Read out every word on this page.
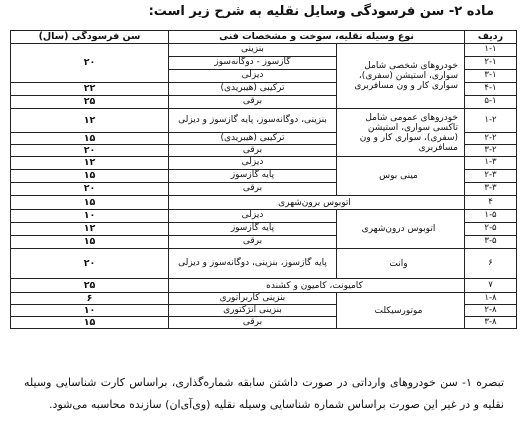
ماده ۲- سن فرسودگی وسایل نقلیه به شرح زیر است:
ردیف	نوع وسیله نقلیه، سوخت و مشخصات فنی		سن فرسودگی (سال)
۱-۱	خودروهای شخصی شامل سواری، استیشن (سفری)، سواری کار و ون مسافربری	بنزینی	۲۰
۲-۱		گازسوز - دوگانه‌سوز	
۳-۱		دیزلی	
۴-۱		ترکیبی (هیبریدی)	۲۲
۵-۱		برقی	۲۵
۱-۲	خودروهای عمومی شامل تاکسی سواری، استیشن (سفری)، سواری کار و ون مسافربری	بنزینی، دوگانه‌سوز، پایه گازسوز و دیزلی	۱۲
۲-۲		ترکیبی (هیبریدی)	۱۵
۳-۲		برقی	۲۰
۱-۳	مینی بوس	دیزلی	۱۲
۲-۳		پایه گازسوز	۱۵
۳-۳		برقی	۲۰
۴	اتوبوس برون‌شهری		۱۵
۱-۵	اتوبوس درون‌شهری	دیزلی	۱۰
۲-۵		پایه گازسوز	۱۲
۳-۵		برقی	۱۵
۶	وانت	پایه گازسوز، بنزینی، دوگانه‌سوز و دیزلی	۲۰
۷	کامیونت، کامیون و کشنده		۲۵
۱-۸	موتورسیکلت	بنزینی کاربراتوری	۶
۲-۸		بنزینی انژکتوری	۱۰
۳-۸		برقی	۱۵
تبصره ۱- سن خودروهای وارداتی در صورت داشتن سابقه شماره‌گذاری، براساس کارت شناسایی وسیله نقلیه و در غیر این صورت براساس شماره شناسایی وسیله نقلیه (وی‌آی‌ان) سازنده محاسبه می‌شود.
